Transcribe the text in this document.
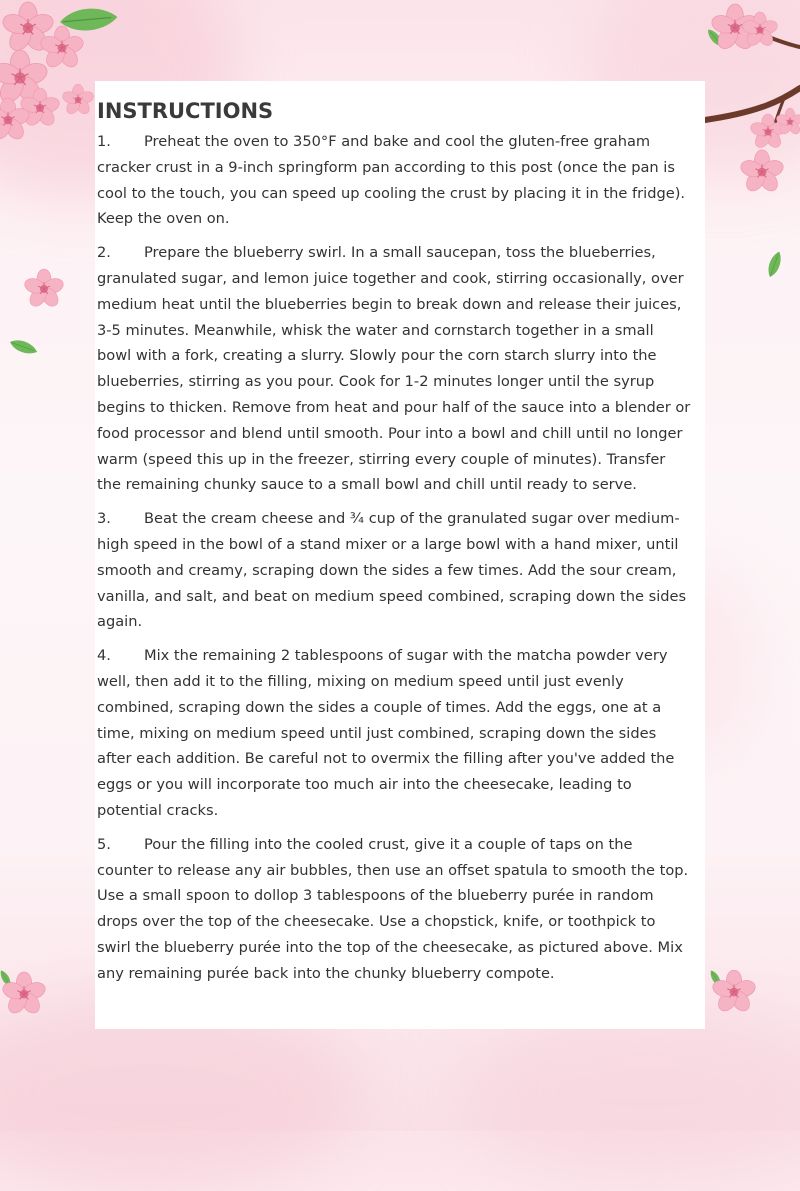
INSTRUCTIONS

1. Preheat the oven to 350°F and bake and cool the gluten-free graham cracker crust in a 9-inch springform pan according to this post (once the pan is cool to the touch, you can speed up cooling the crust by placing it in the fridge). Keep the oven on.

2. Prepare the blueberry swirl. In a small saucepan, toss the blueberries, granulated sugar, and lemon juice together and cook, stirring occasionally, over medium heat until the blueberries begin to break down and release their juices, 3-5 minutes. Meanwhile, whisk the water and cornstarch together in a small bowl with a fork, creating a slurry. Slowly pour the corn starch slurry into the blueberries, stirring as you pour. Cook for 1-2 minutes longer until the syrup begins to thicken. Remove from heat and pour half of the sauce into a blender or food processor and blend until smooth. Pour into a bowl and chill until no longer warm (speed this up in the freezer, stirring every couple of minutes). Transfer the remaining chunky sauce to a small bowl and chill until ready to serve.

3. Beat the cream cheese and ¾ cup of the granulated sugar over medium-high speed in the bowl of a stand mixer or a large bowl with a hand mixer, until smooth and creamy, scraping down the sides a few times. Add the sour cream, vanilla, and salt, and beat on medium speed combined, scraping down the sides again.

4. Mix the remaining 2 tablespoons of sugar with the matcha powder very well, then add it to the filling, mixing on medium speed until just evenly combined, scraping down the sides a couple of times. Add the eggs, one at a time, mixing on medium speed until just combined, scraping down the sides after each addition. Be careful not to overmix the filling after you've added the eggs or you will incorporate too much air into the cheesecake, leading to potential cracks.

5. Pour the filling into the cooled crust, give it a couple of taps on the counter to release any air bubbles, then use an offset spatula to smooth the top. Use a small spoon to dollop 3 tablespoons of the blueberry purée in random drops over the top of the cheesecake. Use a chopstick, knife, or toothpick to swirl the blueberry purée into the top of the cheesecake, as pictured above. Mix any remaining purée back into the chunky blueberry compote.
